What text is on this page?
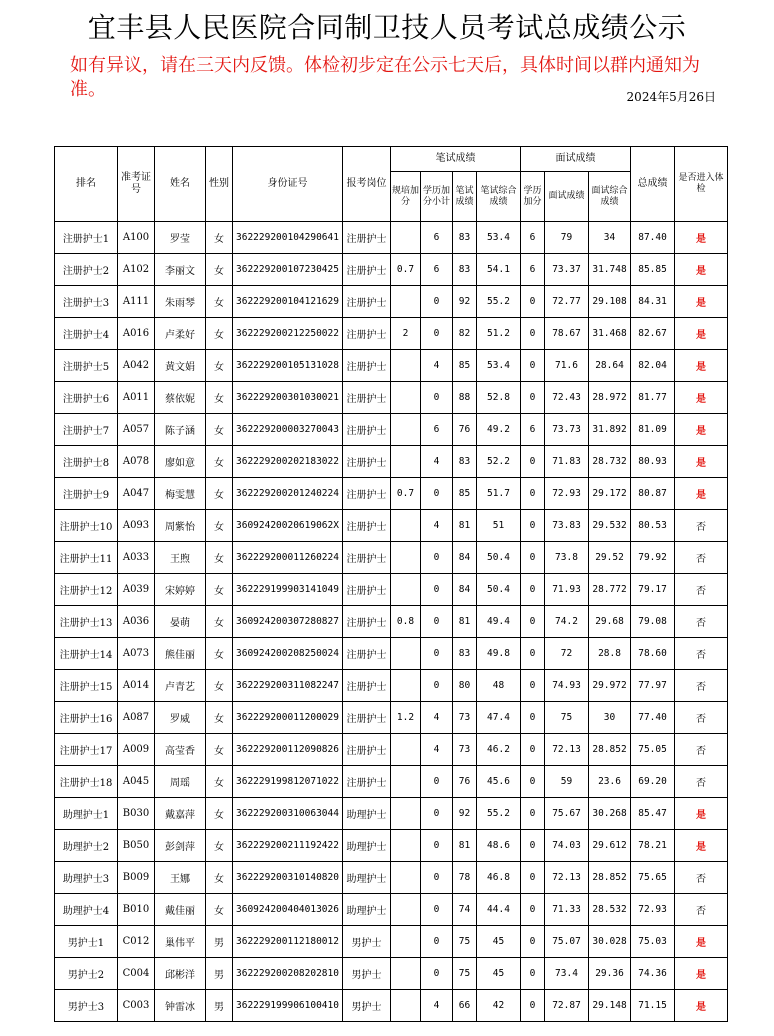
宜丰县人民医院合同制卫技人员考试总成绩公示
如有异议，请在三天内反馈。体检初步定在公示七天后，具体时间以群内通知为准。	2024年5月26日
排名	准考证号	姓名	性别	身份证号	报考岗位	笔试成绩				面试成绩			总成绩	是否进入体检
						规培加分	学历加分小计	笔试成绩	笔试综合成绩	学历加分	面试成绩	面试综合成绩		
注册护士1	A100	罗莹	女	362229200104290641	注册护士		6	83	53.4	6	79	34	87.40	是
注册护士2	A102	李丽文	女	362229200107230425	注册护士	0.7	6	83	54.1	6	73.37	31.748	85.85	是
注册护士3	A111	朱雨琴	女	362229200104121629	注册护士		0	92	55.2	0	72.77	29.108	84.31	是
注册护士4	A016	卢柔好	女	362229200212250022	注册护士	2	0	82	51.2	0	78.67	31.468	82.67	是
注册护士5	A042	黄文娟	女	362229200105131028	注册护士		4	85	53.4	0	71.6	28.64	82.04	是
注册护士6	A011	蔡依妮	女	362229200301030021	注册护士		0	88	52.8	0	72.43	28.972	81.77	是
注册护士7	A057	陈子涵	女	362229200003270043	注册护士		6	76	49.2	6	73.73	31.892	81.09	是
注册护士8	A078	廖如意	女	362229200202183022	注册护士		4	83	52.2	0	71.83	28.732	80.93	是
注册护士9	A047	梅雯慧	女	362229200201240224	注册护士	0.7	0	85	51.7	0	72.93	29.172	80.87	是
注册护士10	A093	周紫怡	女	36092420020619062X	注册护士		4	81	51	0	73.83	29.532	80.53	否
注册护士11	A033	王煦	女	362229200011260224	注册护士		0	84	50.4	0	73.8	29.52	79.92	否
注册护士12	A039	宋婷婷	女	362229199903141049	注册护士		0	84	50.4	0	71.93	28.772	79.17	否
注册护士13	A036	晏萌	女	360924200307280827	注册护士	0.8	0	81	49.4	0	74.2	29.68	79.08	否
注册护士14	A073	熊佳丽	女	360924200208250024	注册护士		0	83	49.8	0	72	28.8	78.60	否
注册护士15	A014	卢青艺	女	362229200311082247	注册护士		0	80	48	0	74.93	29.972	77.97	否
注册护士16	A087	罗威	女	362229200011200029	注册护士	1.2	4	73	47.4	0	75	30	77.40	否
注册护士17	A009	高莹香	女	362229200112090826	注册护士		4	73	46.2	0	72.13	28.852	75.05	否
注册护士18	A045	周瑶	女	362229199812071022	注册护士		0	76	45.6	0	59	23.6	69.20	否
助理护士1	B030	戴嘉萍	女	362229200310063044	助理护士		0	92	55.2	0	75.67	30.268	85.47	是
助理护士2	B050	彭剑萍	女	362229200211192422	助理护士		0	81	48.6	0	74.03	29.612	78.21	是
助理护士3	B009	王娜	女	362229200310140820	助理护士		0	78	46.8	0	72.13	28.852	75.65	否
助理护士4	B010	戴佳丽	女	360924200404013026	助理护士		0	74	44.4	0	71.33	28.532	72.93	否
男护士1	C012	巢伟平	男	362229200112180012	男护士		0	75	45	0	75.07	30.028	75.03	是
男护士2	C004	邱彬洋	男	362229200208202810	男护士		0	75	45	0	73.4	29.36	74.36	是
男护士3	C003	钟雷冰	男	362229199906100410	男护士		4	66	42	0	72.87	29.148	71.15	是
